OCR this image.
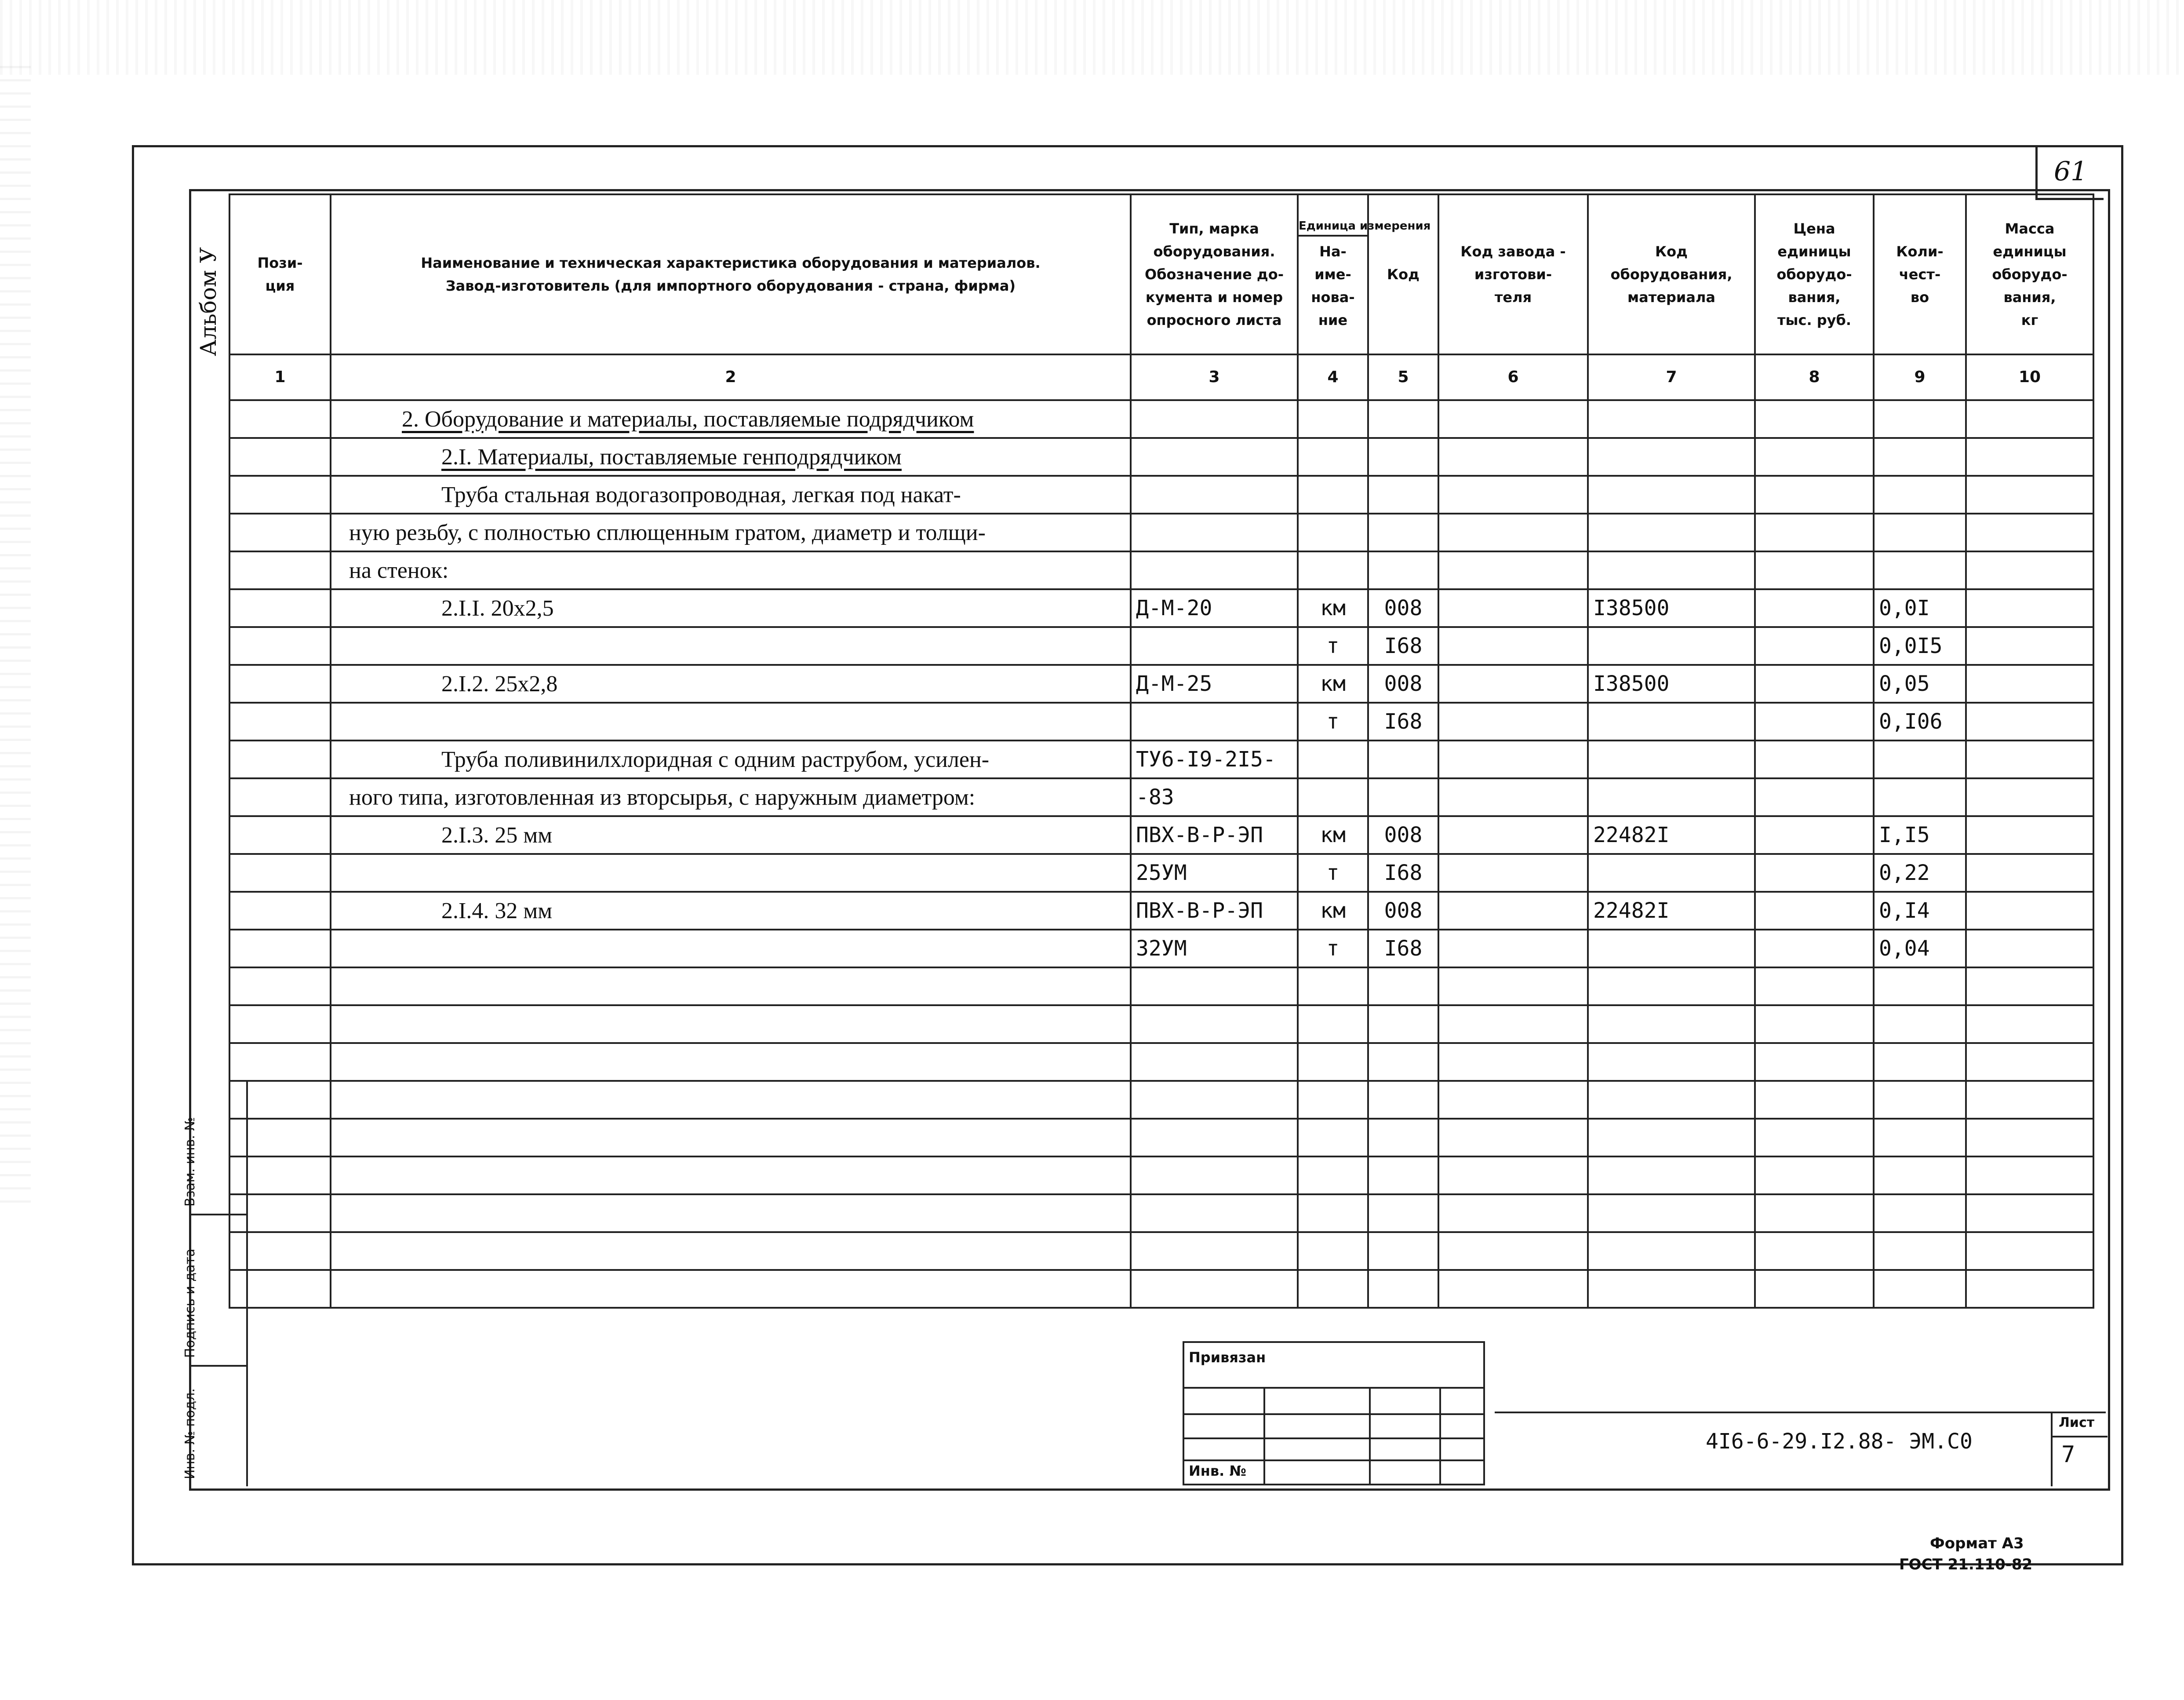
61
Альбом У	Пози-
ция	Наименование и техническая характеристика оборудования и материалов.
Завод-изготовитель (для импортного оборудования - страна, фирма)	Тип, марка
оборудования.
Обозначение до-
кумента и номер
опросного листа	Единица измерения
На-
име-
нова-
ние	Код	Код завода -
изготови-
теля	Код
оборудования,
материала	Цена
единицы
оборудо-
вания,
тыс. руб.	Коли-
чест-
во	Масса
единицы
оборудо-
вания,
кг

1	2	3	4	5	6	7	8	9	10
	2. Оборудование и материалы, поставляемые подрядчиком								
	2.I. Материалы, поставляемые генподрядчиком								
	Труба стальная водогазопроводная, легкая под накат-								
	ную резьбу, с полностью сплющенным гратом, диаметр и толщи-								
	на стенок:								
	2.I.I. 20x2,5	Д-М-20	км	008		I38500		0,0I	
			т	I68				0,0I5	
	2.I.2. 25x2,8	Д-М-25	км	008		I38500		0,05	
			т	I68				0,I06	
	Труба поливинилхлоридная с одним раструбом, усилен-	ТУ6-I9-2I5-							
	ного типа, изготовленная из вторсырья, с наружным диаметром:	-83							
	2.I.3. 25 мм	ПВХ-В-Р-ЭП	км	008		22482I		I,I5	
		25УМ	т	I68				0,22	
	2.I.4. 32 мм	ПВХ-В-Р-ЭП	км	008		22482I		0,I4	
		32УМ	т	I68				0,04	

Взам. инв. №
Подпись и дата
Инв. № подл.
Привязан
Инв. №
4I6-6-29.I2.88- ЭМ.С0
Лист
7
Формат А3
ГОСТ 21.110-82
